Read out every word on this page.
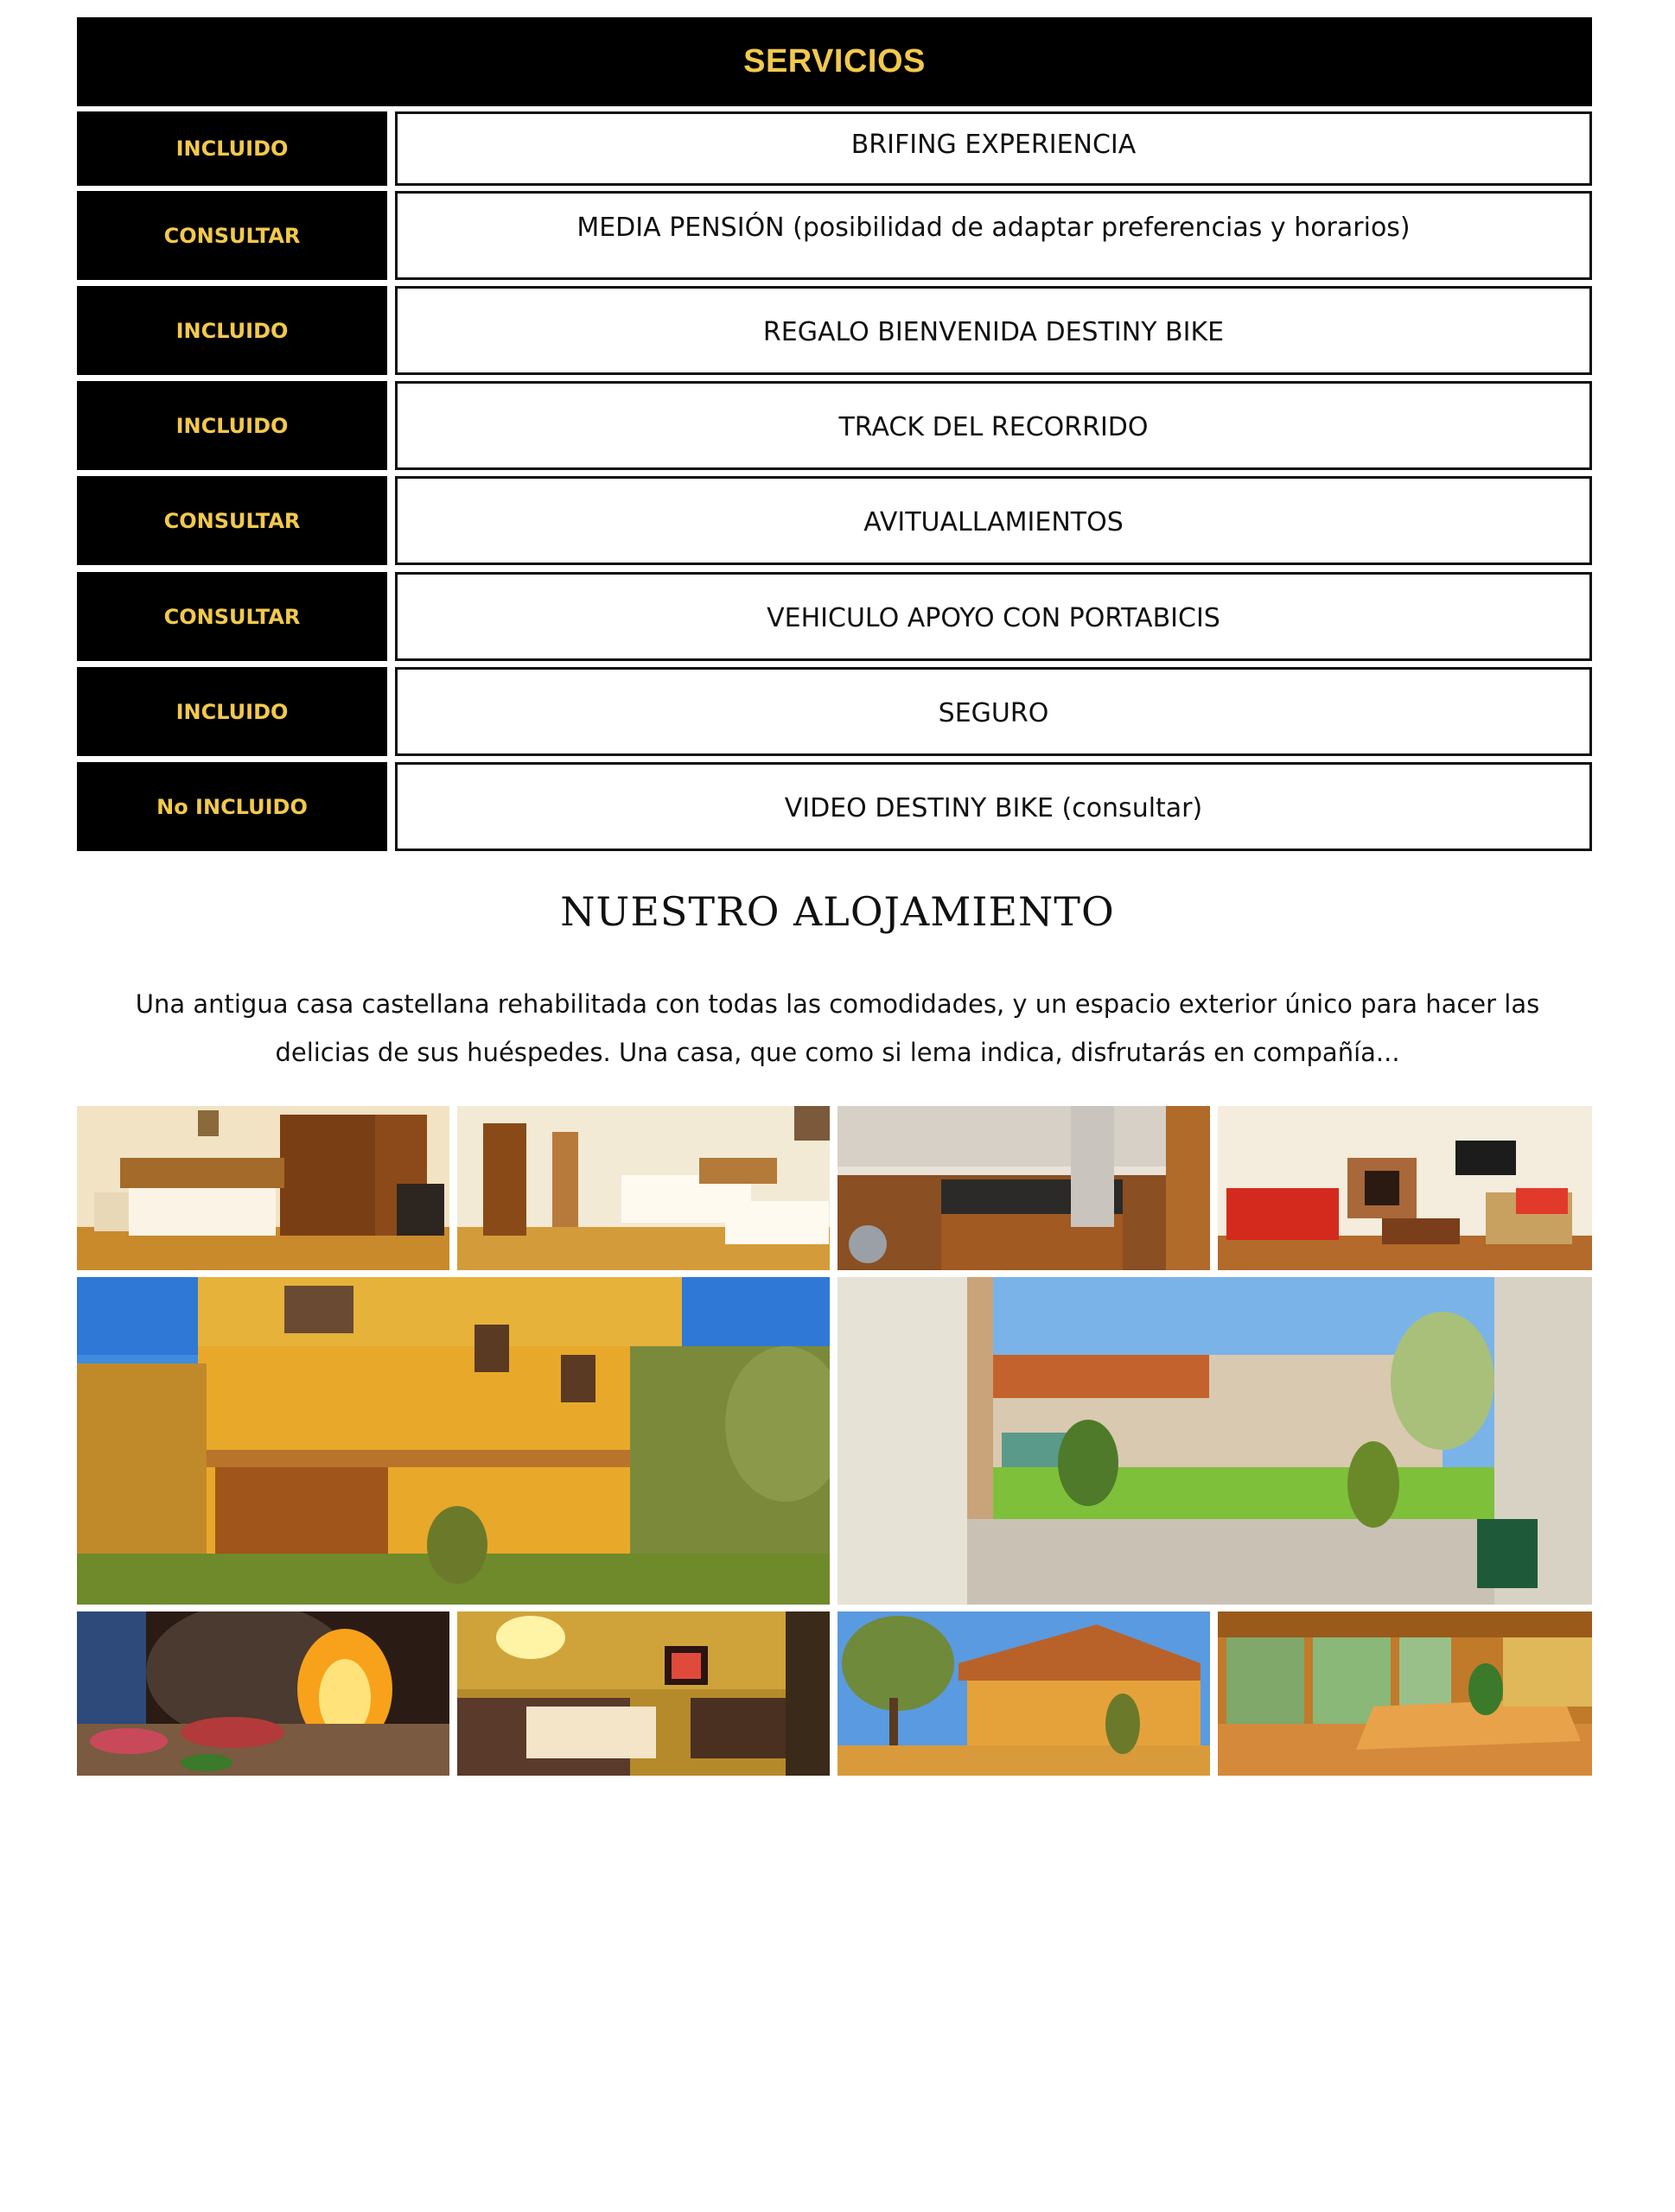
SERVICIOS
INCLUIDO	BRIFING EXPERIENCIA
CONSULTAR	MEDIA PENSIÓN (posibilidad de adaptar preferencias y horarios)
INCLUIDO	REGALO BIENVENIDA DESTINY BIKE
INCLUIDO	TRACK DEL RECORRIDO
CONSULTAR	AVITUALLAMIENTOS
CONSULTAR	VEHICULO APOYO CON PORTABICIS
INCLUIDO	SEGURO
No INCLUIDO	VIDEO DESTINY BIKE (consultar)
NUESTRO ALOJAMIENTO
Una antigua casa castellana rehabilitada con todas las comodidades, y un espacio exterior único para hacer las delicias de sus huéspedes. Una casa, que como si lema indica, disfrutarás en compañía...
